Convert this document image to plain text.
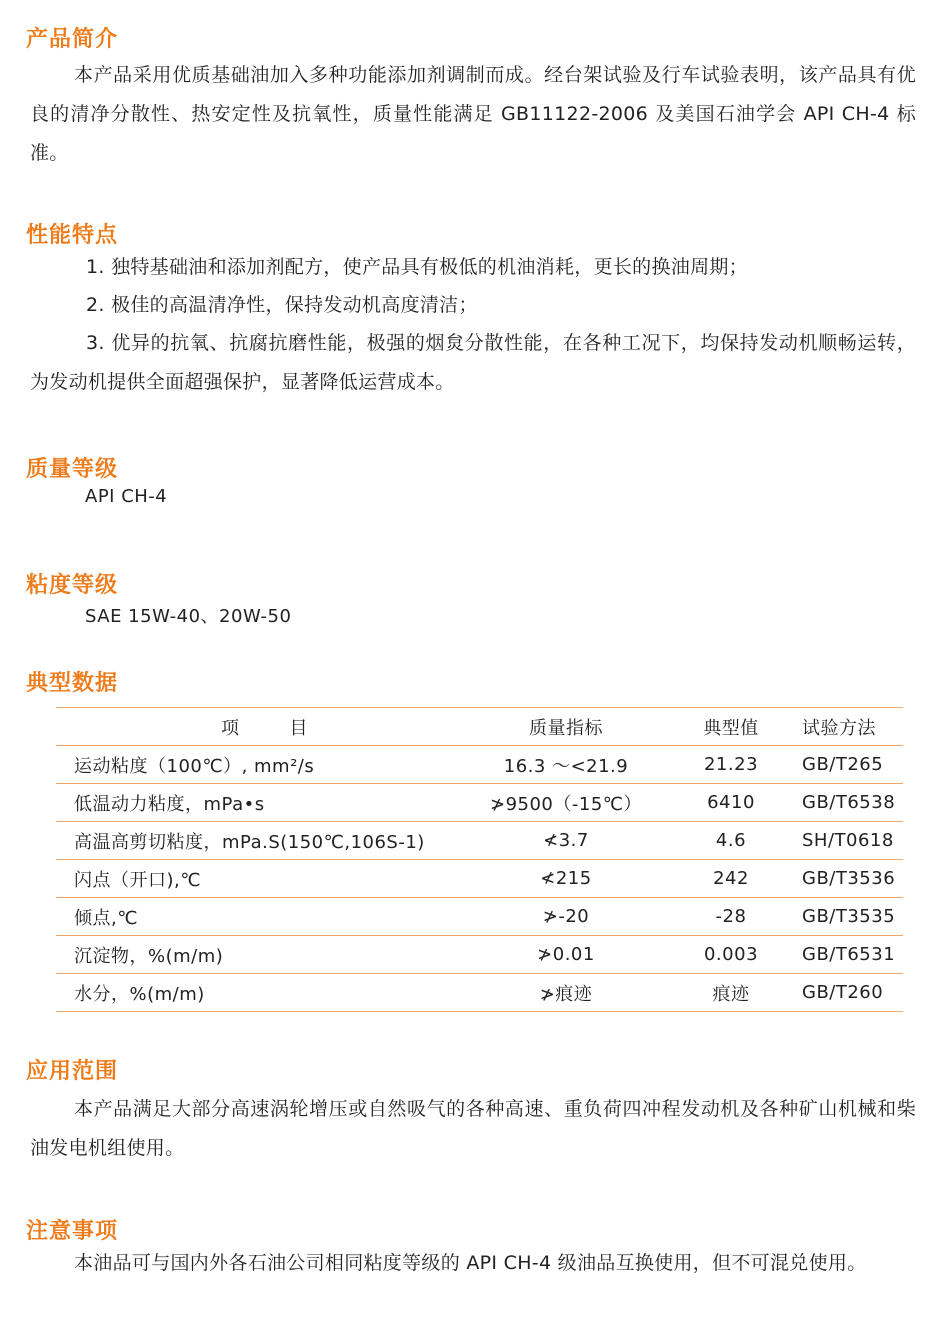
产品简介

本产品采用优质基础油加入多种功能添加剂调制而成。经台架试验及行车试验表明，该产品具有优良的清净分散性、热安定性及抗氧性，质量性能满足 GB11122-2006 及美国石油学会 API CH-4 标准。

性能特点

1. 独特基础油和添加剂配方，使产品具有极低的机油消耗，更长的换油周期；

2. 极佳的高温清净性，保持发动机高度清洁；

3. 优异的抗氧、抗腐抗磨性能，极强的烟炱分散性能，在各种工况下，均保持发动机顺畅运转，为发动机提供全面超强保护，显著降低运营成本。

质量等级

API CH-4

粘度等级

SAE 15W-40、20W-50

典型数据
项 目	质量指标	典型值	试验方法
运动粘度（100℃）, mm²/s	16.3 ～<21.9	21.23	GB/T265
低温动力粘度，mPa•s	≯9500（-15℃）	6410	GB/T6538
高温高剪切粘度，mPa.S(150℃,106S-1)	≮3.7	4.6	SH/T0618
闪点（开口),℃	≮215	242	GB/T3536
倾点,℃	≯-20	-28	GB/T3535
沉淀物，%(m/m)	≯0.01	0.003	GB/T6531
水分，%(m/m)	≯痕迹	痕迹	GB/T260
应用范围

本产品满足大部分高速涡轮增压或自然吸气的各种高速、重负荷四冲程发动机及各种矿山机械和柴油发电机组使用。

注意事项

本油品可与国内外各石油公司相同粘度等级的 API CH-4 级油品互换使用，但不可混兑使用。
